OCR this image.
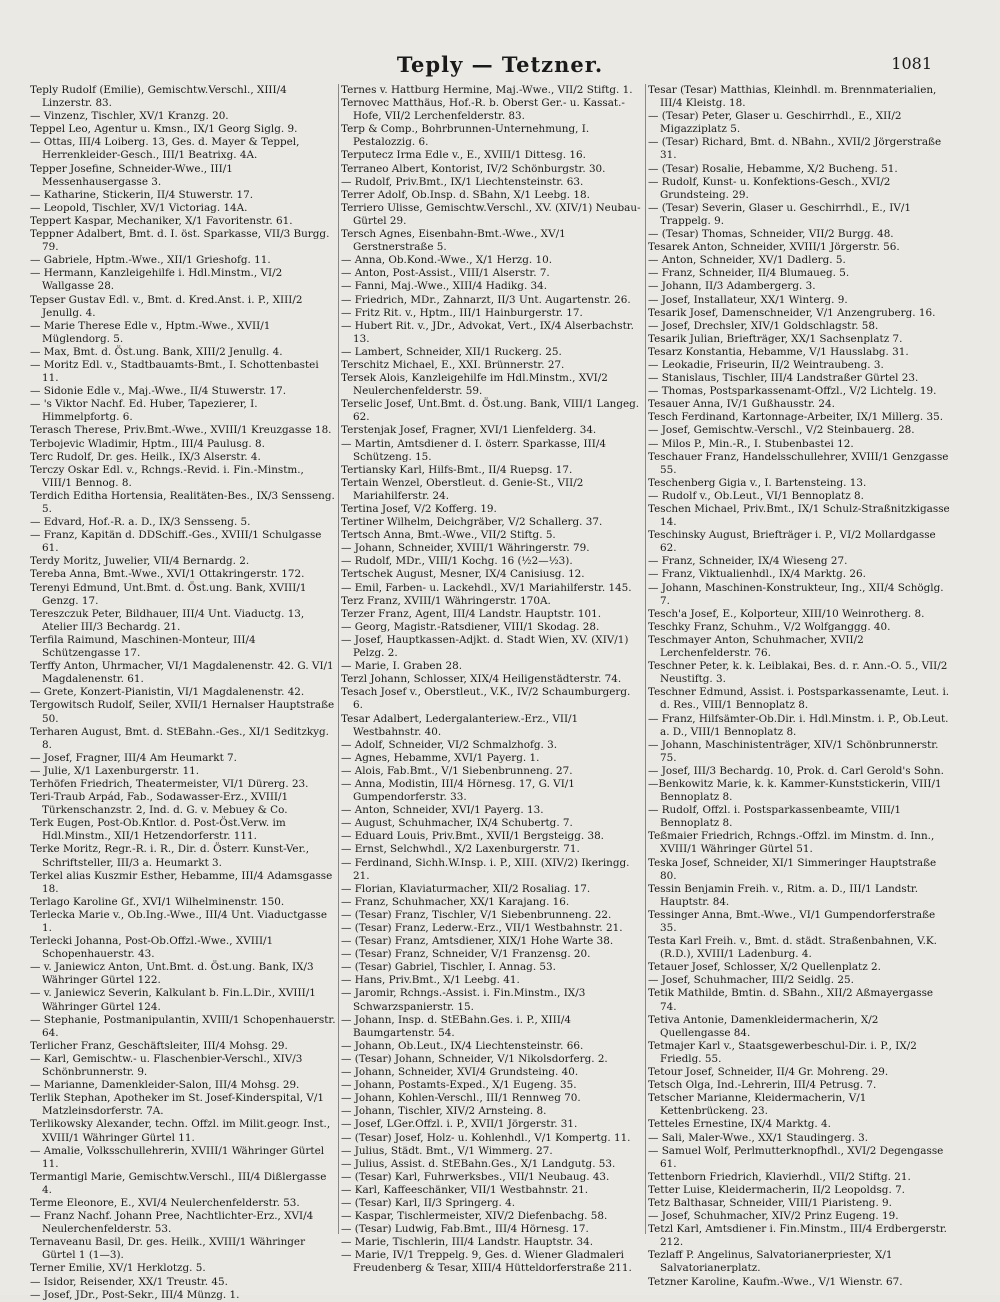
Teply — Tetzner.	1081

Teply Rudolf (Emilie), Gemischtw.Verschl., XIII/4 Linzerstr. 83.

— Vinzenz, Tischler, XV/1 Kranzg. 20.

Teppel Leo, Agentur u. Kmsn., IX/1 Georg Siglg. 9.

— Ottas, III/4 Loiberg. 13, Ges. d. Mayer & Teppel, Herrenkleider-Gesch., III/1 Beatrixg. 4A.

Tepper Josefine, Schneider-Wwe., III/1 Messenhausergasse 3.

— Katharine, Stickerin, II/4 Stuwerstr. 17.

— Leopold, Tischler, XV/1 Victoriag. 14A.

Teppert Kaspar, Mechaniker, X/1 Favoritenstr. 61.

Teppner Adalbert, Bmt. d. I. öst. Sparkasse, VII/3 Burgg. 79.

— Gabriele, Hptm.-Wwe., XII/1 Grieshofg. 11.

— Hermann, Kanzleigehilfe i. Hdl.Minstm., VI/2 Wallgasse 28.

Tepser Gustav Edl. v., Bmt. d. Kred.Anst. i. P., XIII/2 Jenullg. 4.

— Marie Therese Edle v., Hptm.-Wwe., XVII/1 Müglendorg. 5.

— Max, Bmt. d. Öst.ung. Bank, XIII/2 Jenullg. 4.

— Moritz Edl. v., Stadtbauamts-Bmt., I. Schottenbastei 11.

— Sidonie Edle v., Maj.-Wwe., II/4 Stuwerstr. 17.

— 's Viktor Nachf. Ed. Huber, Tapezierer, I. Himmelpfortg. 6.

Terasch Therese, Priv.Bmt.-Wwe., XVIII/1 Kreuzgasse 18.

Terbojevic Wladimir, Hptm., III/4 Paulusg. 8.

Terc Rudolf, Dr. ges. Heilk., IX/3 Alserstr. 4.

Terczy Oskar Edl. v., Rchngs.-Revid. i. Fin.-Minstm., VIII/1 Bennog. 8.

Terdich Editha Hortensia, Realitäten-Bes., IX/3 Sensseng. 5.

— Edvard, Hof.-R. a. D., IX/3 Sensseng. 5.

— Franz, Kapitän d. DDSchiff.-Ges., XVIII/1 Schulgasse 61.

Terdy Moritz, Juwelier, VII/4 Bernardg. 2.

Tereba Anna, Bmt.-Wwe., XVI/1 Ottakringerstr. 172.

Terenyi Edmund, Unt.Bmt. d. Öst.ung. Bank, XVIII/1 Genzg. 17.

Tereszczuk Peter, Bildhauer, III/4 Unt. Viaductg. 13, Atelier III/3 Bechardg. 21.

Terfila Raimund, Maschinen-Monteur, III/4 Schützengasse 17.

Terffy Anton, Uhrmacher, VI/1 Magdalenenstr. 42. G. VI/1 Magdalenenstr. 61.

— Grete, Konzert-Pianistin, VI/1 Magdalenenstr. 42.

Tergowitsch Rudolf, Seiler, XVII/1 Hernalser Hauptstraße 50.

Terharen August, Bmt. d. StEBahn.-Ges., XI/1 Seditzkyg. 8.

— Josef, Fragner, III/4 Am Heumarkt 7.

— Julie, X/1 Laxenburgerstr. 11.

Terhöfen Friedrich, Theatermeister, VI/1 Dürerg. 23.

Teri-Traub Arpád, Fab., Sodawasser-Erz., XVIII/1 Türkenschanzstr. 2, Ind. d. G. v. Mebuey & Co.

Terk Eugen, Post-Ob.Kntlor. d. Post-Öst.Verw. im Hdl.Minstm., XII/1 Hetzendorferstr. 111.

Terke Moritz, Regr.-R. i. R., Dir. d. Österr. Kunst-Ver., Schriftsteller, III/3 a. Heumarkt 3.

Terkel alias Kuszmir Esther, Hebamme, III/4 Adamsgasse 18.

Terlago Karoline Gf., XVI/1 Wilhelminenstr. 150.

Terlecka Marie v., Ob.Ing.-Wwe., III/4 Unt. Viaductgasse 1.

Terlecki Johanna, Post-Ob.Offzl.-Wwe., XVIII/1 Schopenhauerstr. 43.

— v. Janiewicz Anton, Unt.Bmt. d. Öst.ung. Bank, IX/3 Währinger Gürtel 122.

— v. Janiewicz Severin, Kalkulant b. Fin.L.Dir., XVIII/1 Währinger Gürtel 124.

— Stephanie, Postmanipulantin, XVIII/1 Schopenhauerstr. 64.

Terlicher Franz, Geschäftsleiter, III/4 Mohsg. 29.

— Karl, Gemischtw.- u. Flaschenbier-Verschl., XIV/3 Schönbrunnerstr. 9.

— Marianne, Damenkleider-Salon, III/4 Mohsg. 29.

Terlik Stephan, Apotheker im St. Josef-Kinderspital, V/1 Matzleinsdorferstr. 7A.

Terlikowsky Alexander, techn. Offzl. im Milit.geogr. Inst., XVIII/1 Währinger Gürtel 11.

— Amalie, Volksschullehrerin, XVIII/1 Währinger Gürtel 11.

Termantigl Marie, Gemischtw.Verschl., III/4 Dißlergasse 4.

Terme Eleonore, E., XVI/4 Neulerchenfelderstr. 53.

— Franz Nachf. Johann Pree, Nachtlichter-Erz., XVI/4 Neulerchenfelderstr. 53.

Ternaveanu Basil, Dr. ges. Heilk., XVIII/1 Währinger Gürtel 1 (1—3).

Terner Emilie, XV/1 Herklotzg. 5.

— Isidor, Reisender, XX/1 Treustr. 45.

— Josef, JDr., Post-Sekr., III/4 Münzg. 1.

Ternes v. Hattburg Hermine, Maj.-Wwe., VII/2 Stiftg. 1.

Ternovec Matthäus, Hof.-R. b. Oberst Ger.- u. Kassat.-Hofe, VII/2 Lerchenfelderstr. 83.

Terp & Comp., Bohrbrunnen-Unternehmung, I. Pestalozzig. 6.

Terputecz Irma Edle v., E., XVIII/1 Dittesg. 16.

Terraneo Albert, Kontorist, IV/2 Schönburgstr. 30.

— Rudolf, Priv.Bmt., IX/1 Liechtensteinstr. 63.

Terrer Adolf, Ob.Insp. d. SBahn, X/1 Leebg. 18.

Terriero Ulisse, Gemischtw.Verschl., XV. (XIV/1) Neubau-Gürtel 29.

Tersch Agnes, Eisenbahn-Bmt.-Wwe., XV/1 Gerstnerstraße 5.

— Anna, Ob.Kond.-Wwe., X/1 Herzg. 10.

— Anton, Post-Assist., VIII/1 Alserstr. 7.

— Fanni, Maj.-Wwe., XIII/4 Hadikg. 34.

— Friedrich, MDr., Zahnarzt, II/3 Unt. Augartenstr. 26.

— Fritz Rit. v., Hptm., III/1 Hainburgerstr. 17.

— Hubert Rit. v., JDr., Advokat, Vert., IX/4 Alserbachstr. 13.

— Lambert, Schneider, XII/1 Ruckerg. 25.

Terschitz Michael, E., XXI. Brünnerstr. 27.

Tersek Alois, Kanzleigehilfe im Hdl.Minstm., XVI/2 Neulerchenfelderstr. 59.

Terselic Josef, Unt.Bmt. d. Öst.ung. Bank, VIII/1 Langeg. 62.

Terstenjak Josef, Fragner, XVI/1 Lienfelderg. 34.

— Martin, Amtsdiener d. I. österr. Sparkasse, III/4 Schützeng. 15.

Tertiansky Karl, Hilfs-Bmt., II/4 Ruepsg. 17.

Tertain Wenzel, Oberstleut. d. Genie-St., VII/2 Mariahilferstr. 24.

Tertina Josef, V/2 Kofferg. 19.

Tertiner Wilhelm, Deichgräber, V/2 Schallerg. 37.

Tertsch Anna, Bmt.-Wwe., VII/2 Stiftg. 5.

— Johann, Schneider, XVIII/1 Währingerstr. 79.

— Rudolf, MDr., VIII/1 Kochg. 16 (½2—½3).

Tertschek August, Mesner, IX/4 Canisiusg. 12.

— Emil, Farben- u. Lackehdl., XV/1 Mariahilferstr. 145.

Terz Franz, XVIII/1 Währingerstr. 170A.

Terzer Franz, Agent, III/4 Landstr. Hauptstr. 101.

— Georg, Magistr.-Ratsdiener, VIII/1 Skodag. 28.

— Josef, Hauptkassen-Adjkt. d. Stadt Wien, XV. (XIV/1) Pelzg. 2.

— Marie, I. Graben 28.

Terzl Johann, Schlosser, XIX/4 Heiligenstädterstr. 74.

Tesach Josef v., Oberstleut., V.K., IV/2 Schaumburgerg. 6.

Tesar Adalbert, Ledergalanteriew.-Erz., VII/1 Westbahnstr. 40.

— Adolf, Schneider, VI/2 Schmalzhofg. 3.

— Agnes, Hebamme, XVI/1 Payerg. 1.

— Alois, Fab.Bmt., V/1 Siebenbrunneng. 27.

— Anna, Modistin, III/4 Hörnesg. 17, G. VI/1 Gumpendorferstr. 33.

— Anton, Schneider, XVI/1 Payerg. 13.

— August, Schuhmacher, IX/4 Schubertg. 7.

— Eduard Louis, Priv.Bmt., XVII/1 Bergsteigg. 38.

— Ernst, Selchwhdl., X/2 Laxenburgerstr. 71.

— Ferdinand, Sichh.W.Insp. i. P., XIII. (XIV/2) Ikeringg. 21.

— Florian, Klaviaturmacher, XII/2 Rosaliag. 17.

— Franz, Schuhmacher, XX/1 Karajang. 16.

— (Tesar) Franz, Tischler, V/1 Siebenbrunneng. 22.

— (Tesar) Franz, Lederw.-Erz., VII/1 Westbahnstr. 21.

— (Tesar) Franz, Amtsdiener, XIX/1 Hohe Warte 38.

— (Tesar) Franz, Schneider, V/1 Franzensg. 20.

— (Tesar) Gabriel, Tischler, I. Annag. 53.

— Hans, Priv.Bmt., X/1 Leebg. 41.

— Jaromir, Rchngs.-Assist. i. Fin.Minstm., IX/3 Schwarzspanierstr. 15.

— Johann, Insp. d. StEBahn.Ges. i. P., XIII/4 Baumgartenstr. 54.

— Johann, Ob.Leut., IX/4 Liechtensteinstr. 66.

— (Tesar) Johann, Schneider, V/1 Nikolsdorferg. 2.

— Johann, Schneider, XVI/4 Grundsteing. 40.

— Johann, Postamts-Exped., X/1 Eugeng. 35.

— Johann, Kohlen-Verschl., III/1 Rennweg 70.

— Johann, Tischler, XIV/2 Arnsteing. 8.

— Josef, LGer.Offzl. i. P., XVII/1 Jörgerstr. 31.

— (Tesar) Josef, Holz- u. Kohlenhdl., V/1 Kompertg. 11.

— Julius, Städt. Bmt., V/1 Wimmerg. 27.

— Julius, Assist. d. StEBahn.Ges., X/1 Landgutg. 53.

— (Tesar) Karl, Fuhrwerksbes., VII/1 Neubaug. 43.

— Karl, Kaffeeschänker, VII/1 Westbahnstr. 21.

— (Tesar) Karl, II/3 Springerg. 4.

— Kaspar, Tischlermeister, XIV/2 Diefenbachg. 58.

— (Tesar) Ludwig, Fab.Bmt., III/4 Hörnesg. 17.

— Marie, Tischlerin, III/4 Landstr. Hauptstr. 34.

— Marie, IV/1 Treppelg. 9, Ges. d. Wiener Gladmaleri Freudenberg & Tesar, XIII/4 Hütteldorferstraße 211.

Tesar (Tesar) Matthias, Kleinhdl. m. Brennmaterialien, III/4 Kleistg. 18.

— (Tesar) Peter, Glaser u. Geschirrhdl., E., XII/2 Migazziplatz 5.

— (Tesar) Richard, Bmt. d. NBahn., XVII/2 Jörgerstraße 31.

— (Tesar) Rosalie, Hebamme, X/2 Bucheng. 51.

— Rudolf, Kunst- u. Konfektions-Gesch., XVI/2 Grundsteing. 29.

— (Tesar) Severin, Glaser u. Geschirrhdl., E., IV/1 Trappelg. 9.

— (Tesar) Thomas, Schneider, VII/2 Burgg. 48.

Tesarek Anton, Schneider, XVIII/1 Jörgerstr. 56.

— Anton, Schneider, XV/1 Dadlerg. 5.

— Franz, Schneider, II/4 Blumaueg. 5.

— Johann, II/3 Adambergerg. 3.

— Josef, Installateur, XX/1 Winterg. 9.

Tesarik Josef, Damenschneider, V/1 Anzengruberg. 16.

— Josef, Drechsler, XIV/1 Goldschlagstr. 58.

Tesarik Julian, Briefträger, XX/1 Sachsenplatz 7.

Tesarz Konstantia, Hebamme, V/1 Hausslabg. 31.

— Leokadie, Friseurin, II/2 Weintraubeng. 3.

— Stanislaus, Tischler, III/4 Landstraßer Gürtel 23.

— Thomas, Postsparkassenamt-Offzl., V/2 Lichtelg. 19.

Tesauer Anna, IV/1 Gußhausstr. 24.

Tesch Ferdinand, Kartonnage-Arbeiter, IX/1 Millerg. 35.

— Josef, Gemischtw.-Verschl., V/2 Steinbauerg. 28.

— Milos P., Min.-R., I. Stubenbastei 12.

Teschauer Franz, Handelsschullehrer, XVIII/1 Genzgasse 55.

Teschenberg Gigia v., I. Bartensteing. 13.

— Rudolf v., Ob.Leut., VI/1 Bennoplatz 8.

Teschen Michael, Priv.Bmt., IX/1 Schulz-Straßnitzkigasse 14.

Teschinsky August, Briefträger i. P., VI/2 Mollardgasse 62.

— Franz, Schneider, IX/4 Wieseng 27.

— Franz, Viktualienhdl., IX/4 Marktg. 26.

— Johann, Maschinen-Konstrukteur, Ing., XII/4 Schöglg. 7.

Tesch'a Josef, E., Kolporteur, XIII/10 Weinrotherg. 8.

Teschky Franz, Schuhm., V/2 Wolfganggg. 40.

Teschmayer Anton, Schuhmacher, XVII/2 Lerchenfelderstr. 76.

Teschner Peter, k. k. Leiblakai, Bes. d. r. Ann.-O. 5., VII/2 Neustiftg. 3.

Teschner Edmund, Assist. i. Postsparkassenamte, Leut. i. d. Res., VIII/1 Bennoplatz 8.

— Franz, Hilfsämter-Ob.Dir. i. Hdl.Minstm. i. P., Ob.Leut. a. D., VIII/1 Bennoplatz 8.

— Johann, Maschinistenträger, XIV/1 Schönbrunnerstr. 75.

— Josef, III/3 Bechardg. 10, Prok. d. Carl Gerold's Sohn.

—Benkowitz Marie, k. k. Kammer-Kunststickerin, VIII/1 Bennoplatz 8.

— Rudolf, Offzl. i. Postsparkassenbeamte, VIII/1 Bennoplatz 8.

Teßmaier Friedrich, Rchngs.-Offzl. im Minstm. d. Inn., XVIII/1 Währinger Gürtel 51.

Teska Josef, Schneider, XI/1 Simmeringer Hauptstraße 80.

Tessin Benjamin Freih. v., Ritm. a. D., III/1 Landstr. Hauptstr. 84.

Tessinger Anna, Bmt.-Wwe., VI/1 Gumpendorferstraße 35.

Testa Karl Freih. v., Bmt. d. städt. Straßenbahnen, V.K. (R.D.), XVIII/1 Ladenburg. 4.

Tetauer Josef, Schlosser, X/2 Quellenplatz 2.

— Josef, Schuhmacher, III/2 Seidlg. 25.

Tetik Mathilde, Bmtin. d. SBahn., XII/2 Aßmayergasse 74.

Tetiva Antonie, Damenkleidermacherin, X/2 Quellengasse 84.

Tetmajer Karl v., Staatsgewerbeschul-Dir. i. P., IX/2 Friedlg. 55.

Tetour Josef, Schneider, II/4 Gr. Mohreng. 29.

Tetsch Olga, Ind.-Lehrerin, III/4 Petrusg. 7.

Tetscher Marianne, Kleidermacherin, V/1 Kettenbrückeng. 23.

Tetteles Ernestine, IX/4 Marktg. 4.

— Sali, Maler-Wwe., XX/1 Staudingerg. 3.

— Samuel Wolf, Perlmutterknopfhdl., XVI/2 Degengasse 61.

Tettenborn Friedrich, Klavierhdl., VII/2 Stiftg. 21.

Tetter Luise, Kleidermacherin, II/2 Leopoldsg. 7.

Tetz Balthasar, Schneider, VIII/1 Piaristeng. 9.

— Josef, Schuhmacher, XIV/2 Prinz Eugeng. 19.

Tetzl Karl, Amtsdiener i. Fin.Minstm., III/4 Erdbergerstr. 212.

Tezlaff P. Angelinus, Salvatorianerpriester, X/1 Salvatorianerplatz.

Tetzner Karoline, Kaufm.-Wwe., V/1 Wienstr. 67.
